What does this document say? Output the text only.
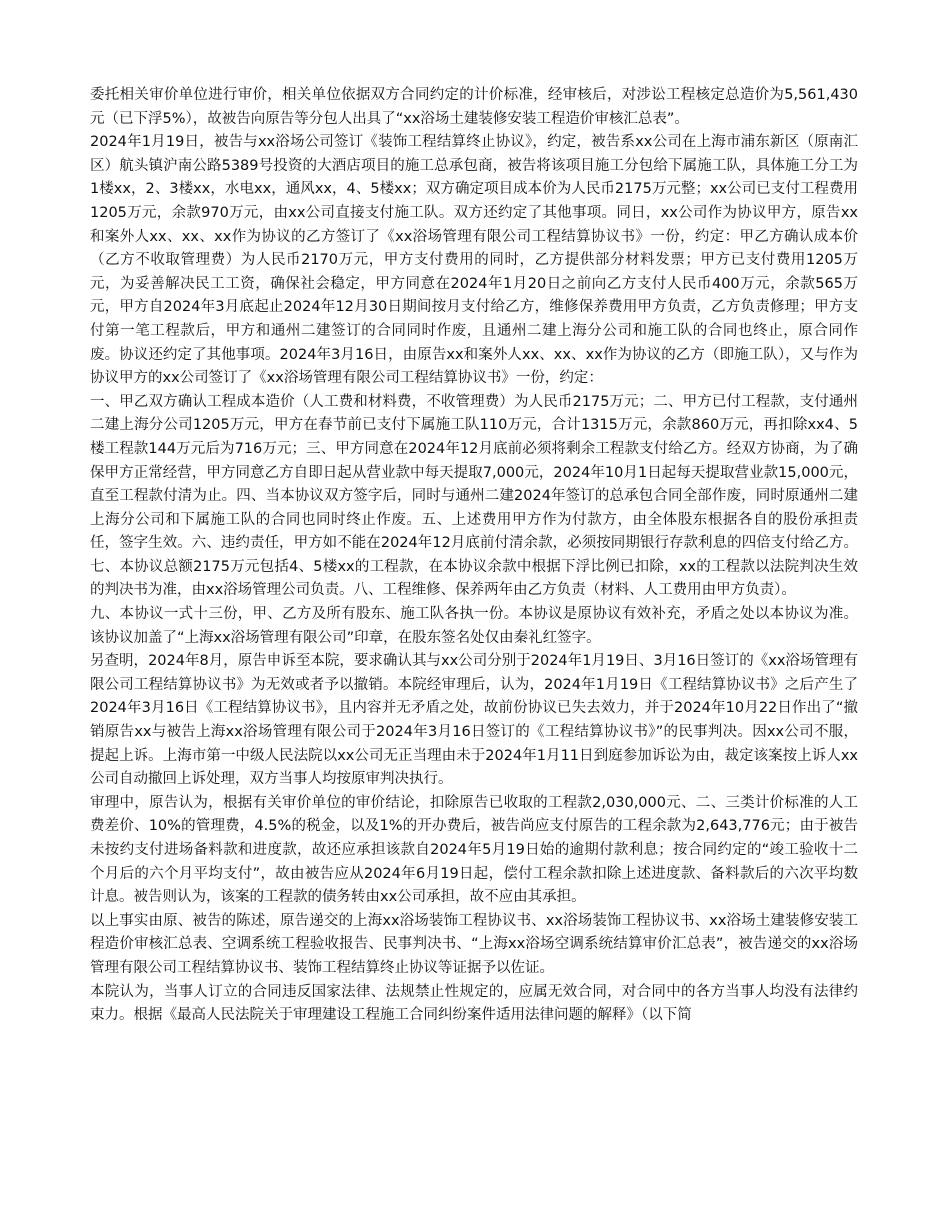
委托相关审价单位进行审价，相关单位依据双方合同约定的计价标准，经审核后，对涉讼工程核定总造价为5,561,430元（已下浮5%），故被告向原告等分包人出具了“xx浴场土建装修安装工程造价审核汇总表”。

2024年1月19日，被告与xx浴场公司签订《装饰工程结算终止协议》，约定，被告系xx公司在上海市浦东新区（原南汇区）航头镇沪南公路5389号投资的大酒店项目的施工总承包商，被告将该项目施工分包给下属施工队，具体施工分工为1楼xx，2、3楼xx，水电xx，通风xx，4、5楼xx；双方确定项目成本价为人民币2175万元整；xx公司已支付工程费用1205万元，余款970万元，由xx公司直接支付施工队。双方还约定了其他事项。同日，xx公司作为协议甲方，原告xx和案外人xx、xx、xx作为协议的乙方签订了《xx浴场管理有限公司工程结算协议书》一份，约定：甲乙方确认成本价（乙方不收取管理费）为人民币2170万元，甲方支付费用的同时，乙方提供部分材料发票；甲方已支付费用1205万元，为妥善解决民工工资，确保社会稳定，甲方同意在2024年1月20日之前向乙方支付人民币400万元，余款565万元，甲方自2024年3月底起止2024年12月30日期间按月支付给乙方，维修保养费用甲方负责，乙方负责修理；甲方支付第一笔工程款后，甲方和通州二建签订的合同同时作废，且通州二建上海分公司和施工队的合同也终止，原合同作废。协议还约定了其他事项。2024年3月16日，由原告xx和案外人xx、xx、xx作为协议的乙方（即施工队），又与作为协议甲方的xx公司签订了《xx浴场管理有限公司工程结算协议书》一份，约定：

一、甲乙双方确认工程成本造价（人工费和材料费，不收管理费）为人民币2175万元；二、甲方已付工程款，支付通州二建上海分公司1205万元，甲方在春节前已支付下属施工队110万元，合计1315万元，余款860万元，再扣除xx4、5楼工程款144万元后为716万元；三、甲方同意在2024年12月底前必须将剩余工程款支付给乙方。经双方协商，为了确保甲方正常经营，甲方同意乙方自即日起从营业款中每天提取7,000元，2024年10月1日起每天提取营业款15,000元，直至工程款付清为止。四、当本协议双方签字后，同时与通州二建2024年签订的总承包合同全部作废，同时原通州二建上海分公司和下属施工队的合同也同时终止作废。五、上述费用甲方作为付款方，由全体股东根据各自的股份承担责任，签字生效。六、违约责任，甲方如不能在2024年12月底前付清余款，必须按同期银行存款利息的四倍支付给乙方。七、本协议总额2175万元包括4、5楼xx的工程款，在本协议余款中根据下浮比例已扣除，xx的工程款以法院判决生效的判决书为准，由xx浴场管理公司负责。八、工程维修、保养两年由乙方负责（材料、人工费用由甲方负责）。

九、本协议一式十三份，甲、乙方及所有股东、施工队各执一份。本协议是原协议有效补充，矛盾之处以本协议为准。该协议加盖了“上海xx浴场管理有限公司”印章，在股东签名处仅由秦礼红签字。

另查明，2024年8月，原告申诉至本院，要求确认其与xx公司分别于2024年1月19日、3月16日签订的《xx浴场管理有限公司工程结算协议书》为无效或者予以撤销。本院经审理后，认为，2024年1月19日《工程结算协议书》之后产生了2024年3月16日《工程结算协议书》，且内容并无矛盾之处，故前份协议已失去效力，并于2024年10月22日作出了“撤销原告xx与被告上海xx浴场管理有限公司于2024年3月16日签订的《工程结算协议书》”的民事判决。因xx公司不服，提起上诉。上海市第一中级人民法院以xx公司无正当理由未于2024年1月11日到庭参加诉讼为由，裁定该案按上诉人xx公司自动撤回上诉处理，双方当事人均按原审判决执行。

审理中，原告认为，根据有关审价单位的审价结论，扣除原告已收取的工程款2,030,000元、二、三类计价标准的人工费差价、10%的管理费，4.5%的税金，以及1%的开办费后，被告尚应支付原告的工程余款为2,643,776元；由于被告未按约支付进场备料款和进度款，故还应承担该款自2024年5月19日始的逾期付款利息；按合同约定的“竣工验收十二个月后的六个月平均支付”，故由被告应从2024年6月19日起，偿付工程余款扣除上述进度款、备料款后的六次平均数计息。被告则认为，该案的工程款的债务转由xx公司承担，故不应由其承担。

以上事实由原、被告的陈述，原告递交的上海xx浴场装饰工程协议书、xx浴场装饰工程协议书、xx浴场土建装修安装工程造价审核汇总表、空调系统工程验收报告、民事判决书、“上海xx浴场空调系统结算审价汇总表”，被告递交的xx浴场管理有限公司工程结算协议书、装饰工程结算终止协议等证据予以佐证。

本院认为，当事人订立的合同违反国家法律、法规禁止性规定的，应属无效合同，对合同中的各方当事人均没有法律约束力。根据《最高人民法院关于审理建设工程施工合同纠纷案件适用法律问题的解释》（以下简
